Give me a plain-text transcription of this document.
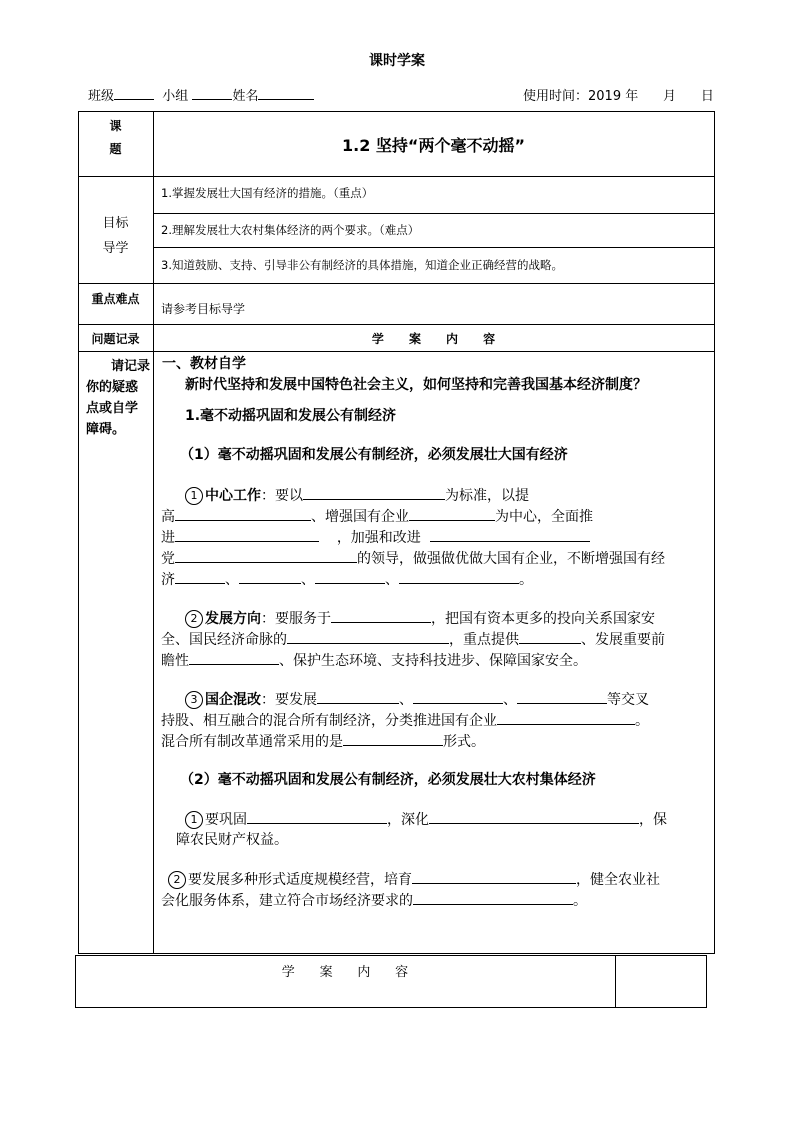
课时学案
班级	小组	姓名	使用时间：2019 年 月 日
课
题	1.2 坚持“两个毫不动摇”
目标
导学
1.掌握发展壮大国有经济的措施。（重点）
2.理解发展壮大农村集体经济的两个要求。（难点）
3.知道鼓励、支持、引导非公有制经济的具体措施，知道企业正确经营的战略。
重点难点
请参考目标导学
问题记录	学      案      内      容
请记录
你的疑惑
点或自学
障碍。
一、教材自学
新时代坚持和发展中国特色社会主义，如何坚持和完善我国基本经济制度？
1.毫不动摇巩固和发展公有制经济
（1）毫不动摇巩固和发展公有制经济，必须发展壮大国有经济
1 中心工作：要以	为标准，以提
高	、增强国有企业	为中心，全面推
进	，加强和改进
党	的领导，做强做优做大国有企业，不断增强国有经
济	、	、	、	。
2 发展方向：要服务于	，把国有资本更多的投向关系国家安
全、国民经济命脉的	，重点提供	、发展重要前
瞻性	、保护生态环境、支持科技进步、保障国家安全。
3 国企混改：要发展	、	、	等交叉
持股、相互融合的混合所有制经济，分类推进国有企业	。
混合所有制改革通常采用的是	形式。
（2）毫不动摇巩固和发展公有制经济，必须发展壮大农村集体经济
1 要巩固	，深化	，保
障农民财产权益。
2 要发展多种形式适度规模经营，培育	，健全农业社
会化服务体系，建立符合市场经济要求的	。
学      案      内      容
